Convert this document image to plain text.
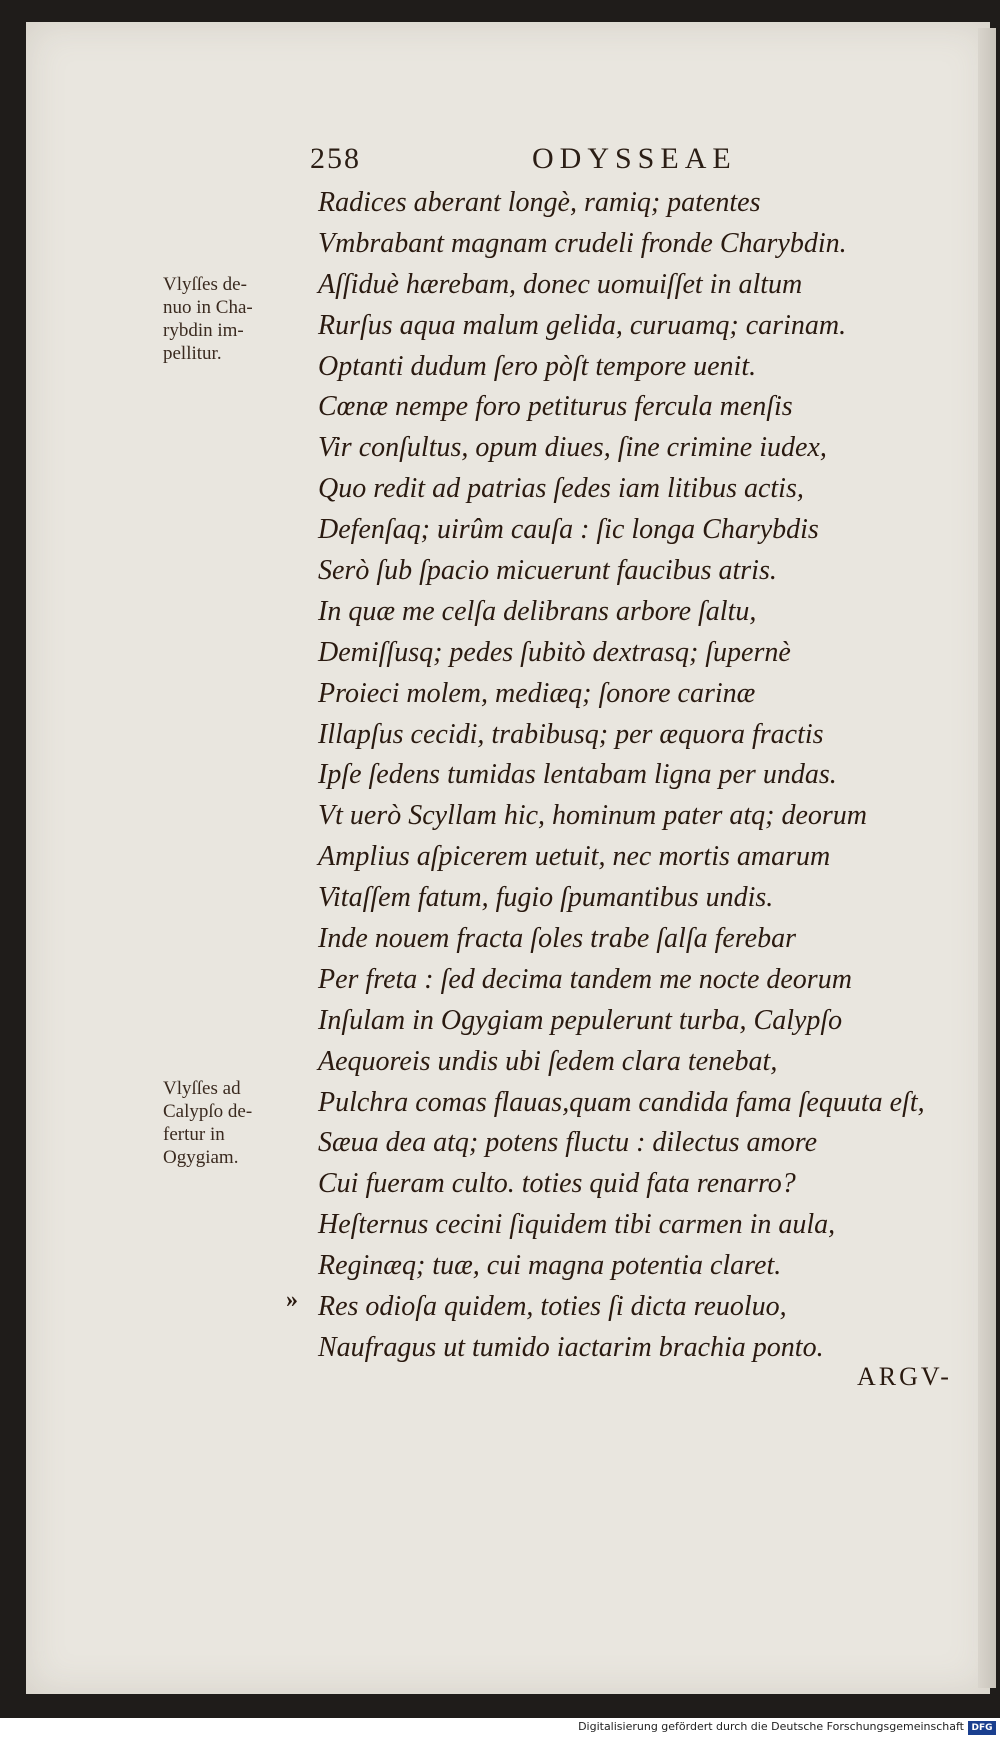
258	ODYSSEAE
Vlyſſes de-
nuo in Cha-
rybdin im-
pellitur.
Vlyſſes ad
Calypſo de-
fertur in
Ogygiam.
Radices aberant longè, ramiq; patentes
Vmbrabant magnam crudeli fronde Charybdin.
Aſſiduè hærebam, donec uomuiſſet in altum
Rurſus aqua malum gelida, curuamq; carinam.
Optanti dudum ſero pòſt tempore uenit.
Cœnæ nempe foro petiturus fercula menſis
Vir conſultus, opum diues, ſine crimine iudex,
Quo redit ad patrias ſedes iam litibus actis,
Defenſaq; uirûm cauſa : ſic longa Charybdis
Serò ſub ſpacio micuerunt faucibus atris.
In quæ me celſa delibrans arbore ſaltu,
Demiſſusq; pedes ſubitò dextrasq; ſupernè
Proieci molem, mediæq; ſonore carinæ
Illapſus cecidi, trabibusq; per æquora fractis
Ipſe ſedens tumidas lentabam ligna per undas.
Vt uerò Scyllam hic, hominum pater atq; deorum
Amplius aſpicerem uetuit, nec mortis amarum
Vitaſſem fatum, fugio ſpumantibus undis.
Inde nouem fracta ſoles trabe ſalſa ferebar
Per freta : ſed decima tandem me nocte deorum
Inſulam in Ogygiam pepulerunt turba, Calypſo
Aequoreis undis ubi ſedem clara tenebat,
Pulchra comas flauas,quam candida fama ſequuta eſt,
Sæua dea atq; potens fluctu : dilectus amore
Cui fueram culto. toties quid fata renarro?
Heſternus cecini ſiquidem tibi carmen in aula,
Reginæq; tuæ, cui magna potentia claret.
Res odioſa quidem, toties ſi dicta reuoluo,
Naufragus ut tumido iactarim brachia ponto.
»
ARGV-
Digitalisierung gefördert durch die Deutsche Forschungsgemeinschaft DFG
